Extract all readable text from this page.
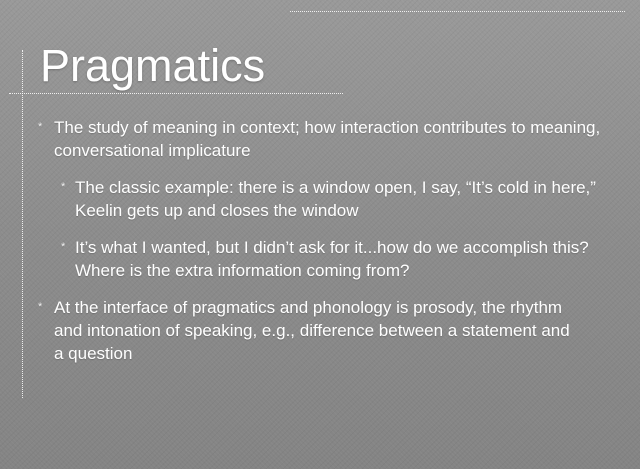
Pragmatics
* The study of meaning in context; how interaction contributes to meaning, conversational implicature
* The classic example: there is a window open, I say, “It’s cold in here,” Keelin gets up and closes the window
* It’s what I wanted, but I didn’t ask for it...how do we accomplish this? Where is the extra information coming from?
* At the interface of pragmatics and phonology is prosody, the rhythm and intonation of speaking, e.g., difference between a statement and a question
